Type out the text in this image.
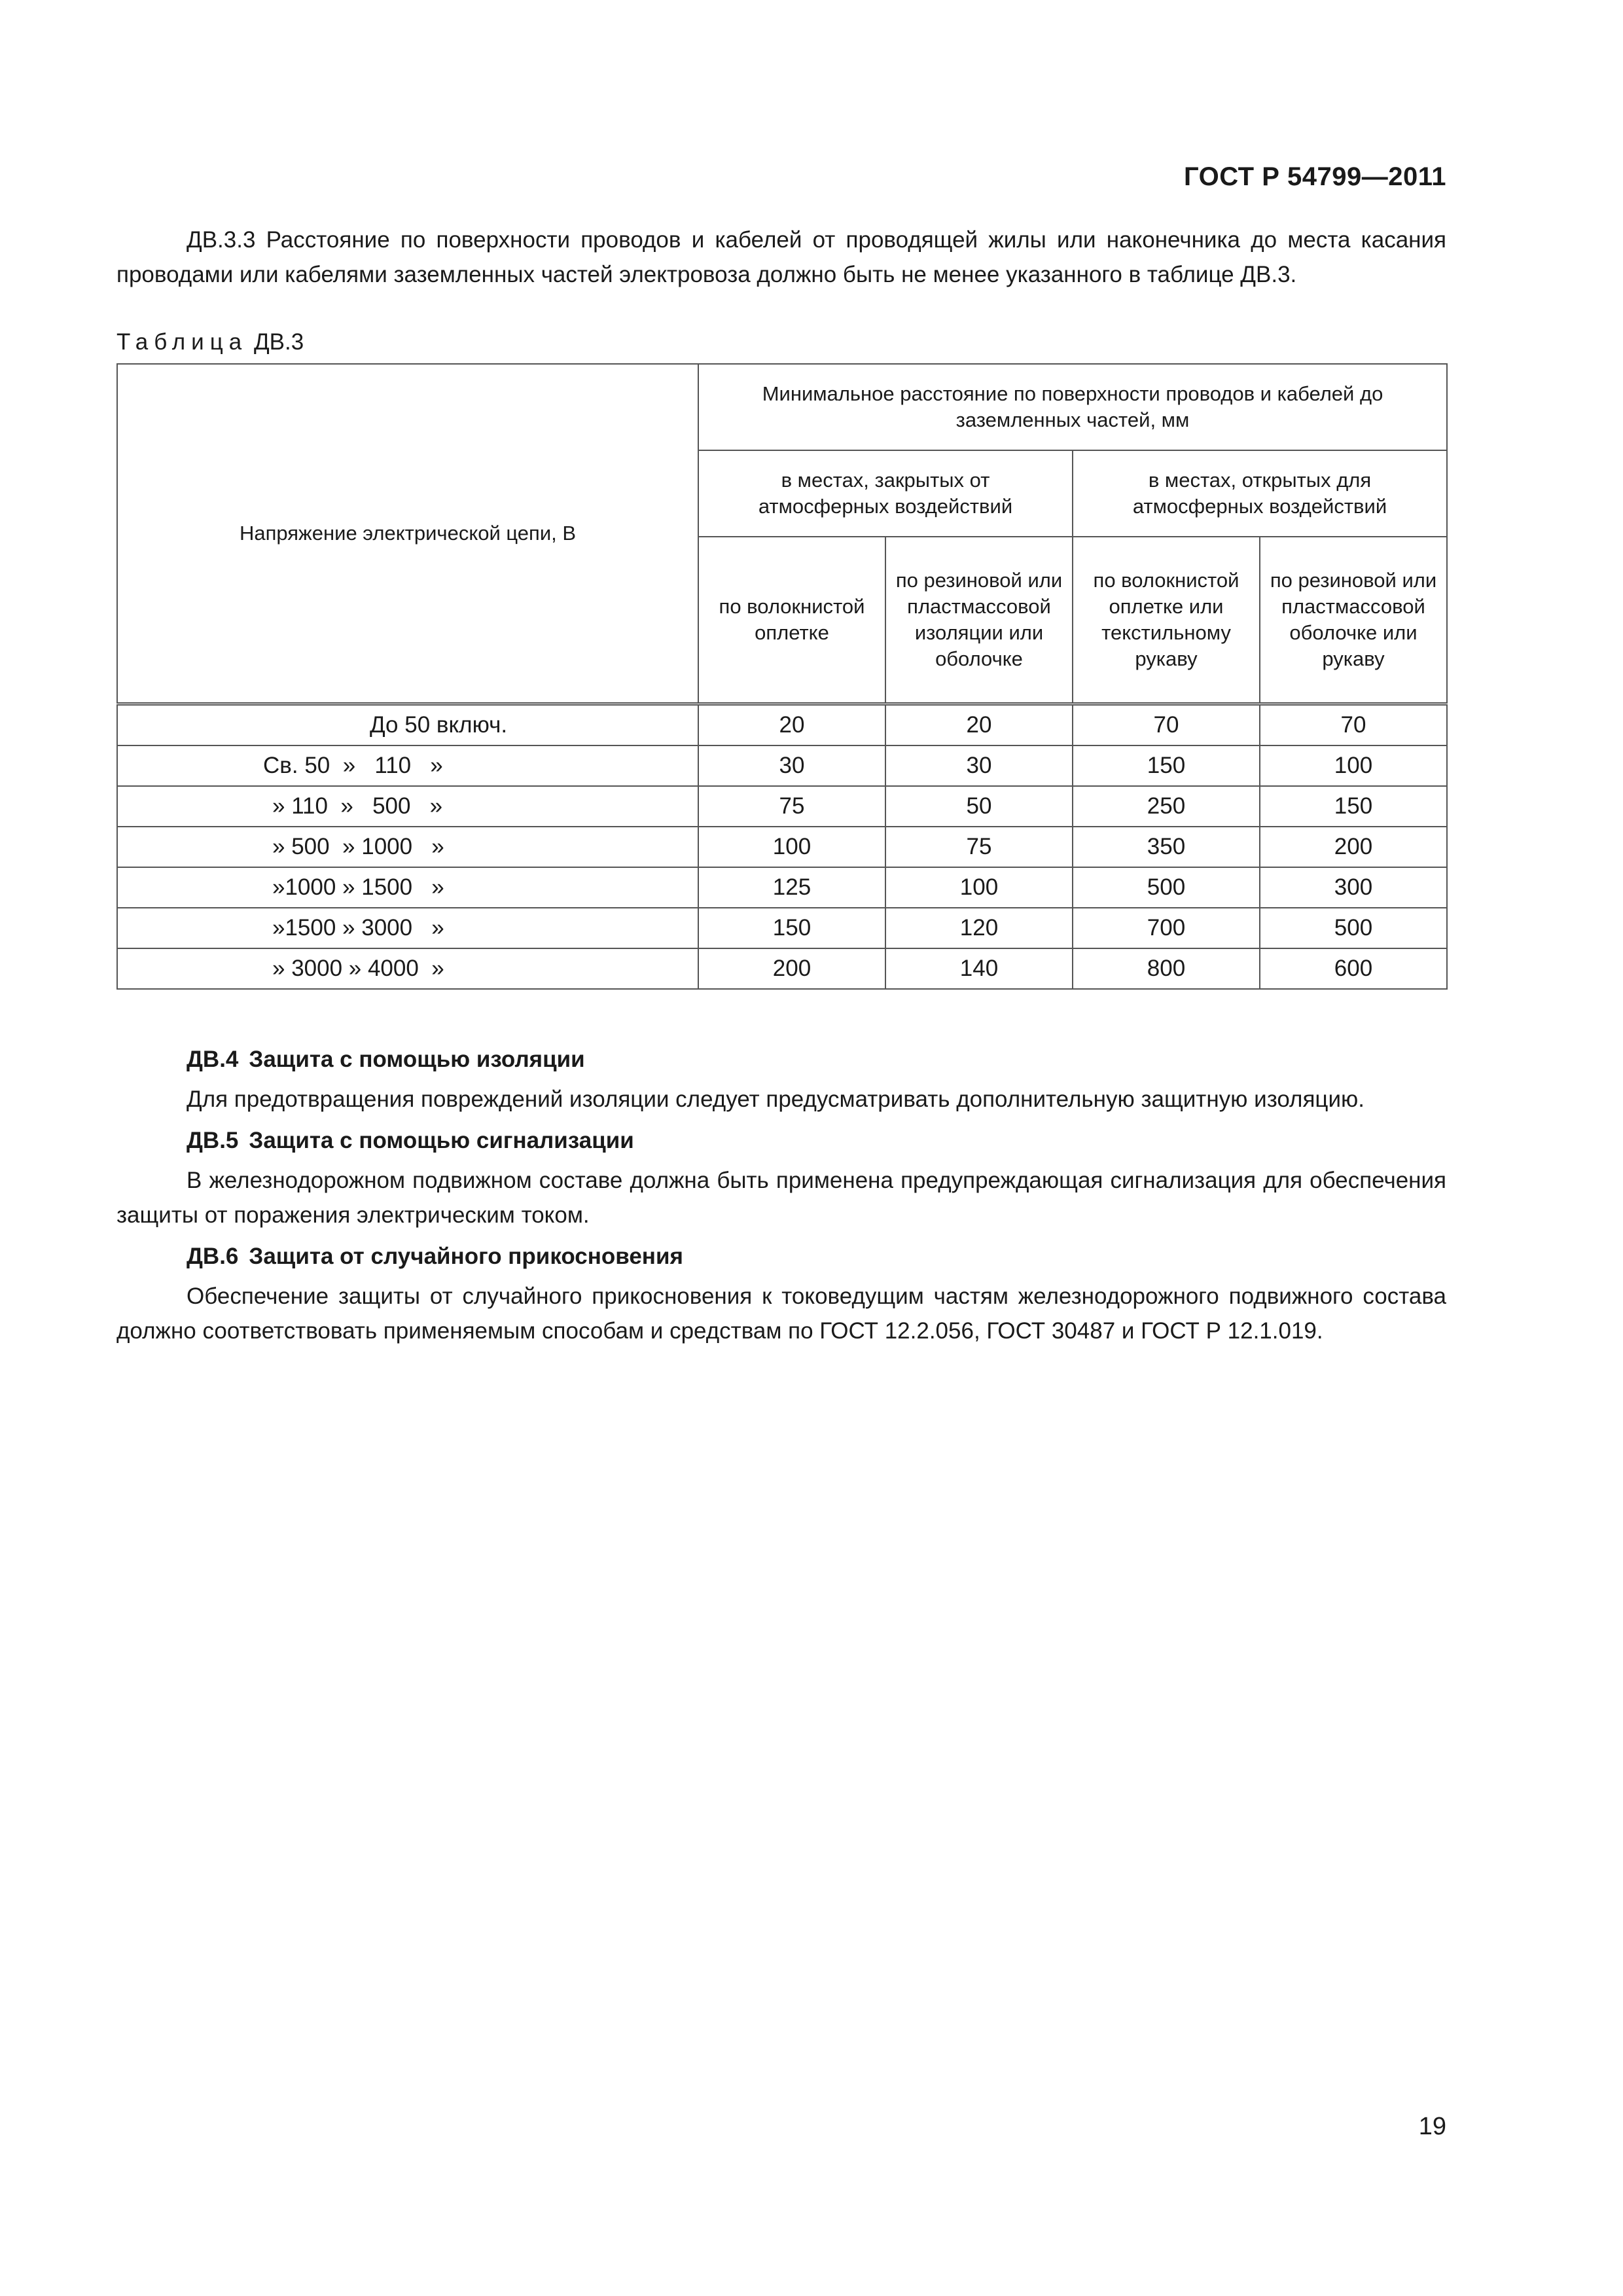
ГОСТ Р 54799—2011

ДВ.3.3 Расстояние по поверхности проводов и кабелей от проводящей жилы или наконечника до места касания проводами или кабелями заземленных частей электровоза должно быть не менее указанного в таблице ДВ.3.

Таблица ДВ.3
Напряжение электрической цепи, В	Минимальное расстояние по поверхности проводов и кабелей до заземленных частей, мм			
	в местах, закрытых от атмосферных воздействий		в местах, открытых для атмосферных воздействий	
	по волокнистой оплетке	по резиновой или пластмассовой изоляции или оболочке	по волокнистой оплетке или текстильному рукаву	по резиновой или пластмассовой оболочке или рукаву
До 50 включ.	20	20	70	70
Св. 50  »   110   »	30	30	150	100
» 110  »   500   »	75	50	250	150
» 500  » 1000   »	100	75	350	200
»1000 » 1500   »	125	100	500	300
»1500 » 3000   »	150	120	700	500
» 3000 » 4000  »	200	140	800	600

ДВ.4 Защита с помощью изоляции

Для предотвращения повреждений изоляции следует предусматривать дополнительную защитную изоляцию.

ДВ.5 Защита с помощью сигнализации

В железнодорожном подвижном составе должна быть применена предупреждающая сигнализация для обеспечения защиты от поражения электрическим током.

ДВ.6 Защита от случайного прикосновения

Обеспечение защиты от случайного прикосновения к токоведущим частям железнодорожного подвижного состава должно соответствовать применяемым способам и средствам по ГОСТ 12.2.056, ГОСТ 30487 и ГОСТ Р 12.1.019.

19
